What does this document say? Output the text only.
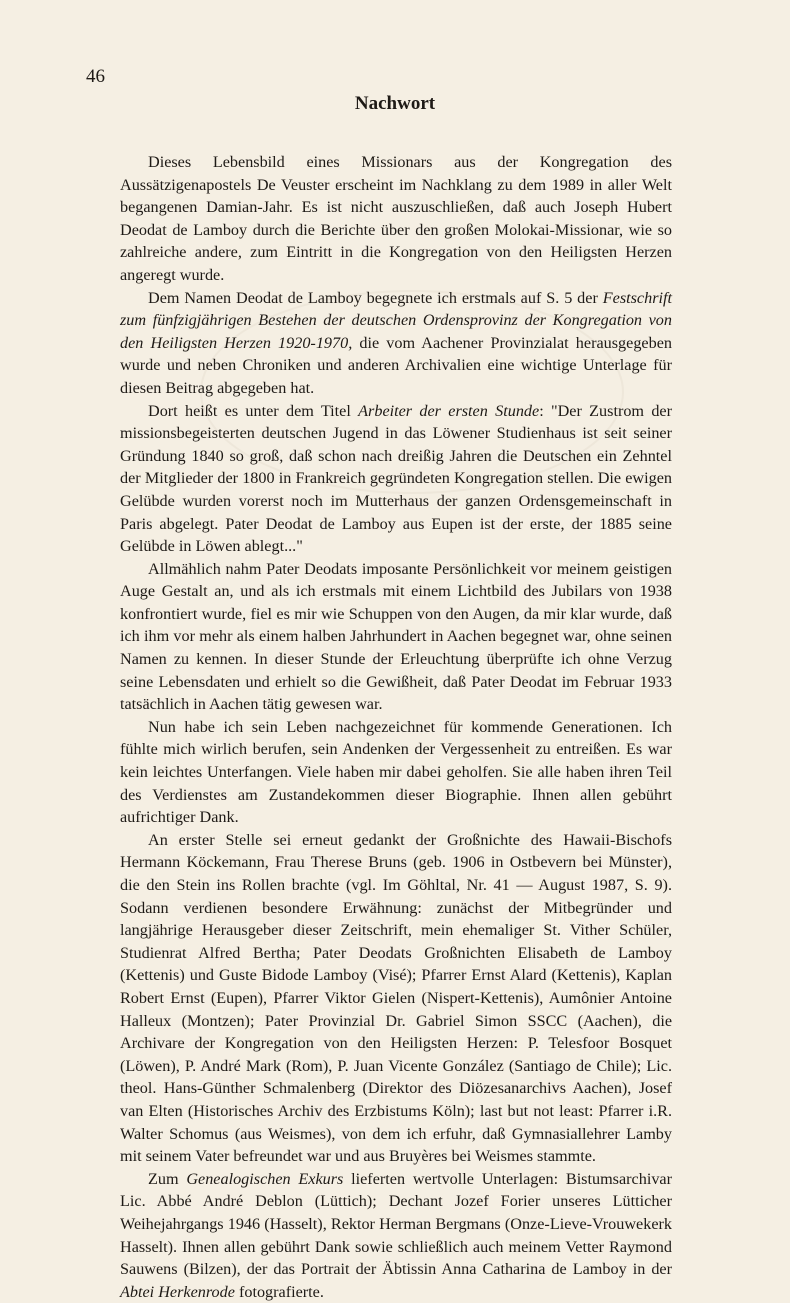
46
Nachwort

Dieses Lebensbild eines Missionars aus der Kongregation des Aussätzigenapostels De Veuster erscheint im Nachklang zu dem 1989 in aller Welt begangenen Damian-Jahr. Es ist nicht auszuschließen, daß auch Joseph Hubert Deodat de Lamboy durch die Berichte über den großen Molokai-Missionar, wie so zahlreiche andere, zum Eintritt in die Kongregation von den Heiligsten Herzen angeregt wurde.

Dem Namen Deodat de Lamboy begegnete ich erstmals auf S. 5 der Festschrift zum fünfzigjährigen Bestehen der deutschen Ordensprovinz der Kongregation von den Heiligsten Herzen 1920-1970, die vom Aachener Provinzialat herausgegeben wurde und neben Chroniken und anderen Archivalien eine wichtige Unterlage für diesen Beitrag abgegeben hat.

Dort heißt es unter dem Titel Arbeiter der ersten Stunde: "Der Zustrom der missionsbegeisterten deutschen Jugend in das Löwener Studienhaus ist seit seiner Gründung 1840 so groß, daß schon nach dreißig Jahren die Deutschen ein Zehntel der Mitglieder der 1800 in Frankreich gegründeten Kongregation stellen. Die ewigen Gelübde wurden vorerst noch im Mutterhaus der ganzen Ordensgemeinschaft in Paris abgelegt. Pater Deodat de Lamboy aus Eupen ist der erste, der 1885 seine Gelübde in Löwen ablegt..."

Allmählich nahm Pater Deodats imposante Persönlichkeit vor meinem geistigen Auge Gestalt an, und als ich erstmals mit einem Lichtbild des Jubilars von 1938 konfrontiert wurde, fiel es mir wie Schuppen von den Augen, da mir klar wurde, daß ich ihm vor mehr als einem halben Jahrhundert in Aachen begegnet war, ohne seinen Namen zu kennen. In dieser Stunde der Erleuchtung überprüfte ich ohne Verzug seine Lebensdaten und erhielt so die Gewißheit, daß Pater Deodat im Februar 1933 tatsächlich in Aachen tätig gewesen war.

Nun habe ich sein Leben nachgezeichnet für kommende Generationen. Ich fühlte mich wirlich berufen, sein Andenken der Vergessenheit zu entreißen. Es war kein leichtes Unterfangen. Viele haben mir dabei geholfen. Sie alle haben ihren Teil des Verdienstes am Zustandekommen dieser Biographie. Ihnen allen gebührt aufrichtiger Dank.

An erster Stelle sei erneut gedankt der Großnichte des Hawaii-Bischofs Hermann Köckemann, Frau Therese Bruns (geb. 1906 in Ostbevern bei Münster), die den Stein ins Rollen brachte (vgl. Im Göhltal, Nr. 41 — August 1987, S. 9). Sodann verdienen besondere Erwähnung: zunächst der Mitbegründer und langjährige Herausgeber dieser Zeitschrift, mein ehemaliger St. Vither Schüler, Studienrat Alfred Bertha; Pater Deodats Großnichten Elisabeth de Lamboy (Kettenis) und Guste Bidode Lamboy (Visé); Pfarrer Ernst Alard (Kettenis), Kaplan Robert Ernst (Eupen), Pfarrer Viktor Gielen (Nispert-Kettenis), Aumônier Antoine Halleux (Montzen); Pater Provinzial Dr. Gabriel Simon SSCC (Aachen), die Archivare der Kongregation von den Heiligsten Herzen: P. Telesfoor Bosquet (Löwen), P. André Mark (Rom), P. Juan Vicente González (Santiago de Chile); Lic. theol. Hans-Günther Schmalenberg (Direktor des Diözesanarchivs Aachen), Josef van Elten (Historisches Archiv des Erzbistums Köln); last but not least: Pfarrer i.R. Walter Schomus (aus Weismes), von dem ich erfuhr, daß Gymnasiallehrer Lamby mit seinem Vater befreundet war und aus Bruyères bei Weismes stammte.

Zum Genealogischen Exkurs lieferten wertvolle Unterlagen: Bistumsarchivar Lic. Abbé André Deblon (Lüttich); Dechant Jozef Forier unseres Lütticher Weihejahrgangs 1946 (Hasselt), Rektor Herman Bergmans (Onze-Lieve-Vrouwekerk Hasselt). Ihnen allen gebührt Dank sowie schließlich auch meinem Vetter Raymond Sauwens (Bilzen), der das Portrait der Äbtissin Anna Catharina de Lamboy in der Abtei Herkenrode fotografierte.
